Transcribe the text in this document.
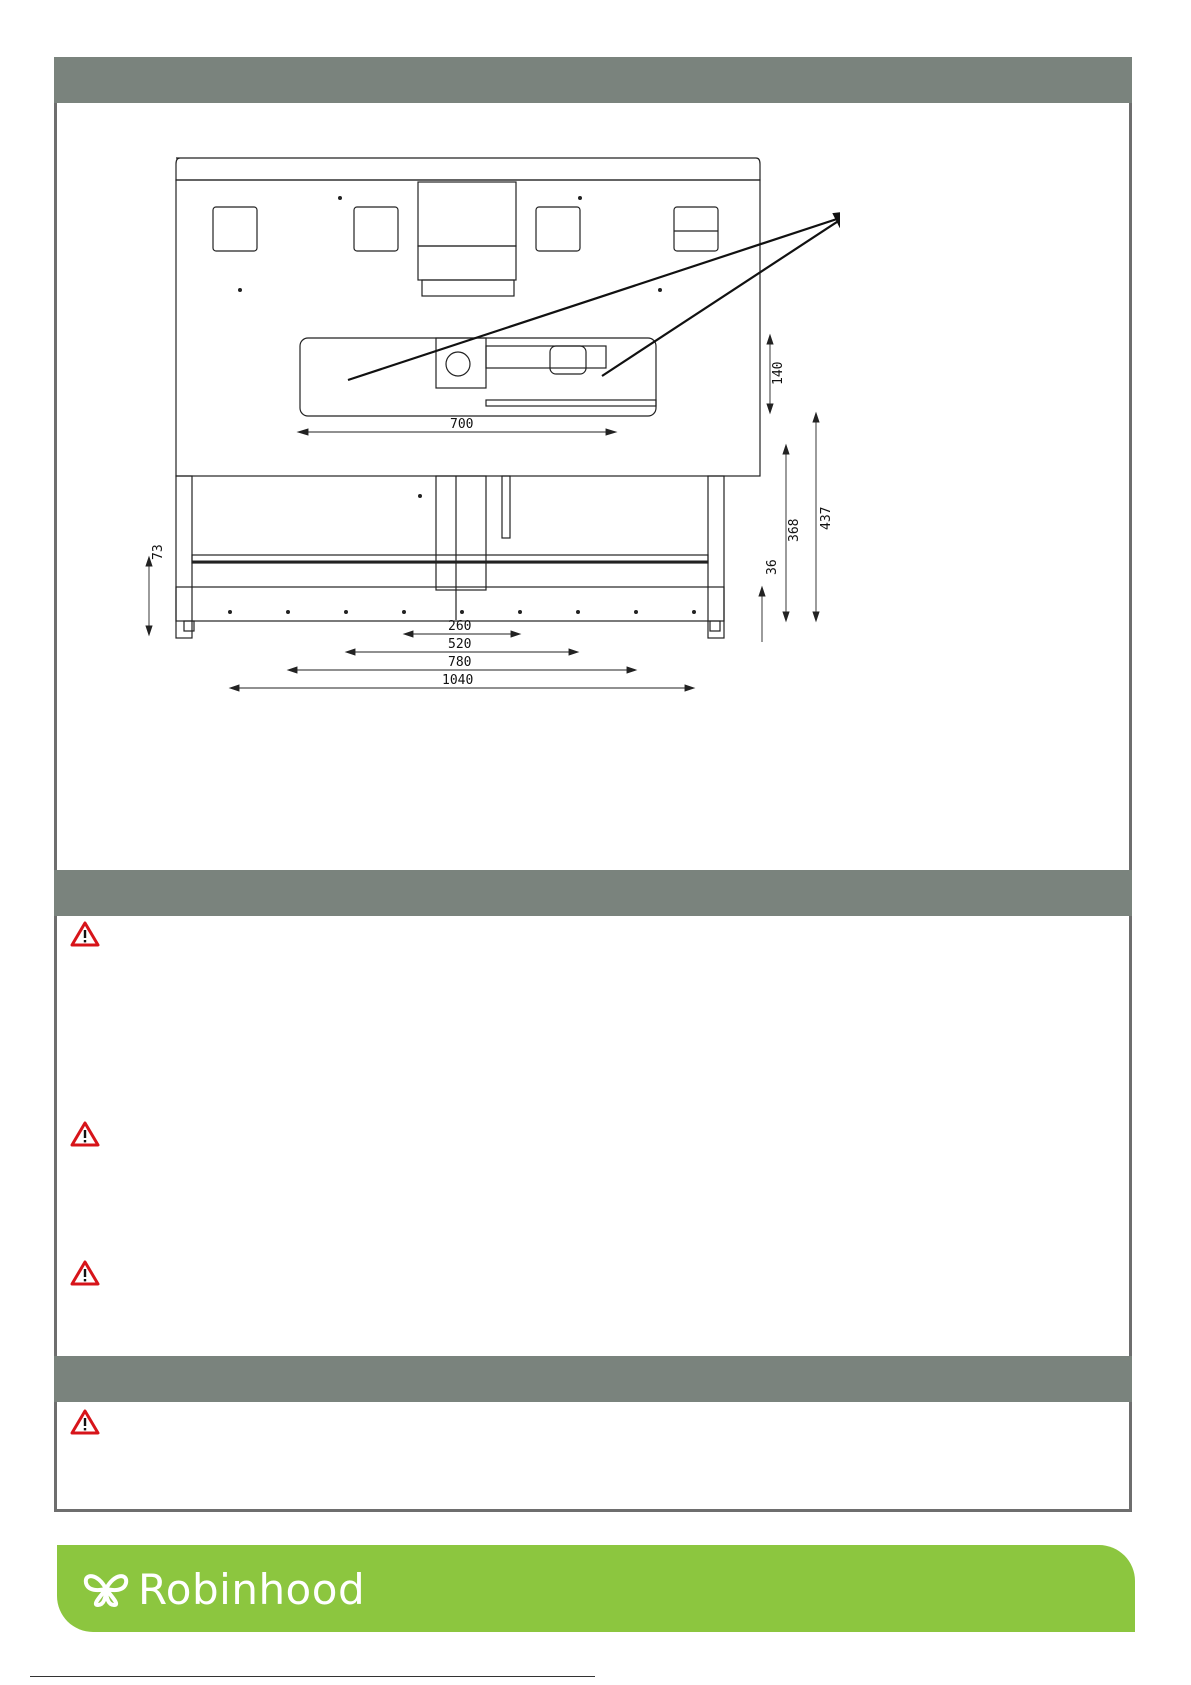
700
140
437
368
36
73
260
520
780
1040
Robinhood
